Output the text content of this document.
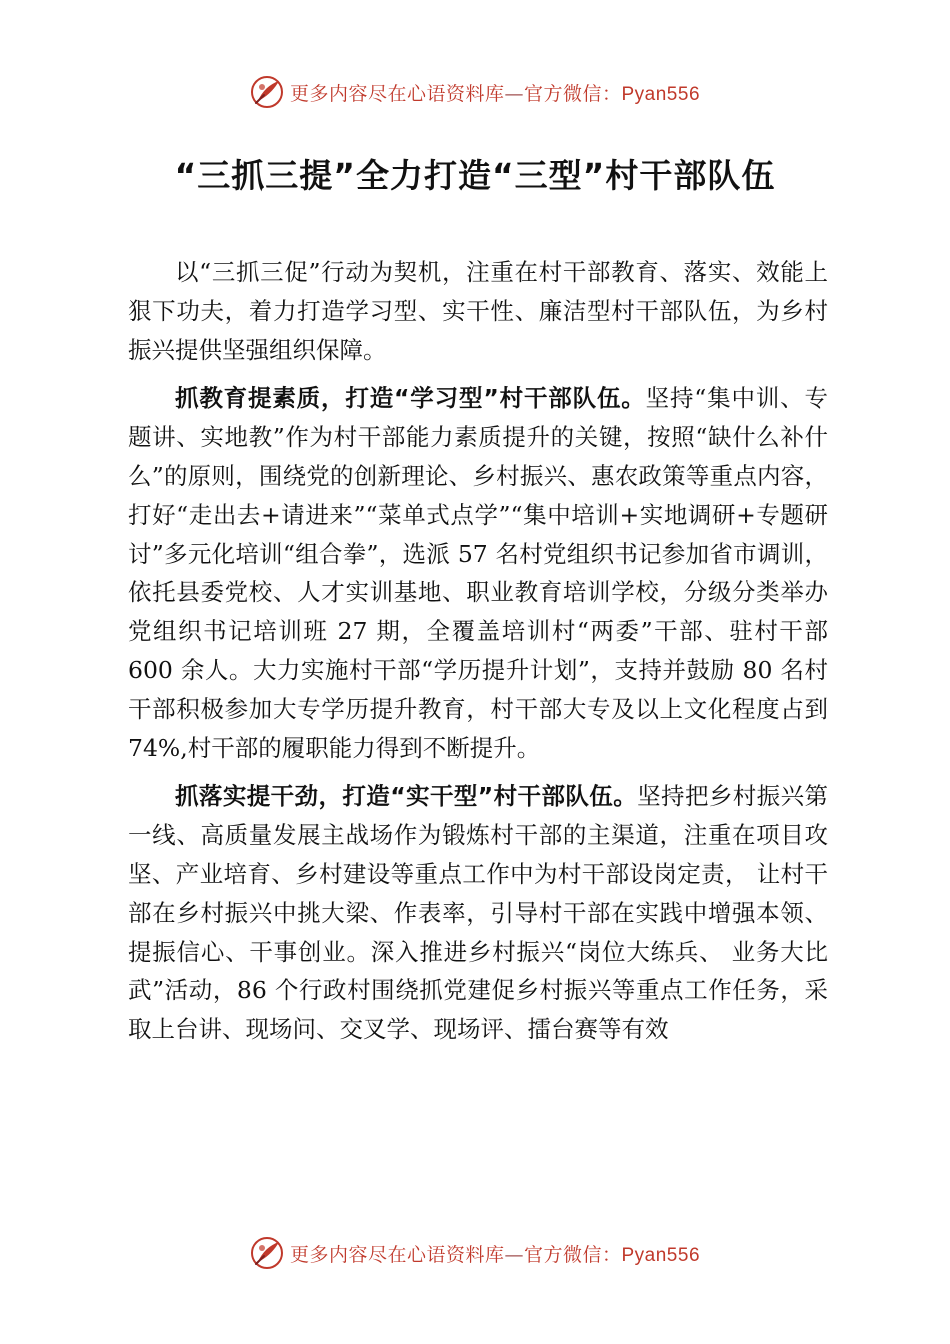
更多内容尽在心语资料库—官方微信：Pyan556
“三抓三提”全力打造“三型”村干部队伍

以“三抓三促”行动为契机，注重在村干部教育、落实、效能上狠下功夫，着力打造学习型、实干性、廉洁型村干部队伍，为乡村振兴提供坚强组织保障。

抓教育提素质，打造“学习型”村干部队伍。坚持“集中训、专题讲、实地教”作为村干部能力素质提升的关键，按照“缺什么补什么”的原则，围绕党的创新理论、乡村振兴、惠农政策等重点内容，打好“走出去+请进来”“菜单式点学”“集中培训+实地调研+专题研讨”多元化培训“组合拳”，选派 57 名村党组织书记参加省市调训，依托县委党校、人才实训基地、职业教育培训学校，分级分类举办党组织书记培训班 27 期，全覆盖培训村“两委”干部、驻村干部 600 余人。大力实施村干部“学历提升计划”，支持并鼓励 80 名村干部积极参加大专学历提升教育，村干部大专及以上文化程度占到 74%,村干部的履职能力得到不断提升。

抓落实提干劲，打造“实干型”村干部队伍。坚持把乡村振兴第一线、高质量发展主战场作为锻炼村干部的主渠道，注重在项目攻坚、产业培育、乡村建设等重点工作中为村干部设岗定责， 让村干部在乡村振兴中挑大梁、作表率，引导村干部在实践中增强本领、提振信心、干事创业。深入推进乡村振兴“岗位大练兵、 业务大比武”活动，86 个行政村围绕抓党建促乡村振兴等重点工作任务，采取上台讲、现场问、交叉学、现场评、擂台赛等有效

更多内容尽在心语资料库—官方微信：Pyan556
